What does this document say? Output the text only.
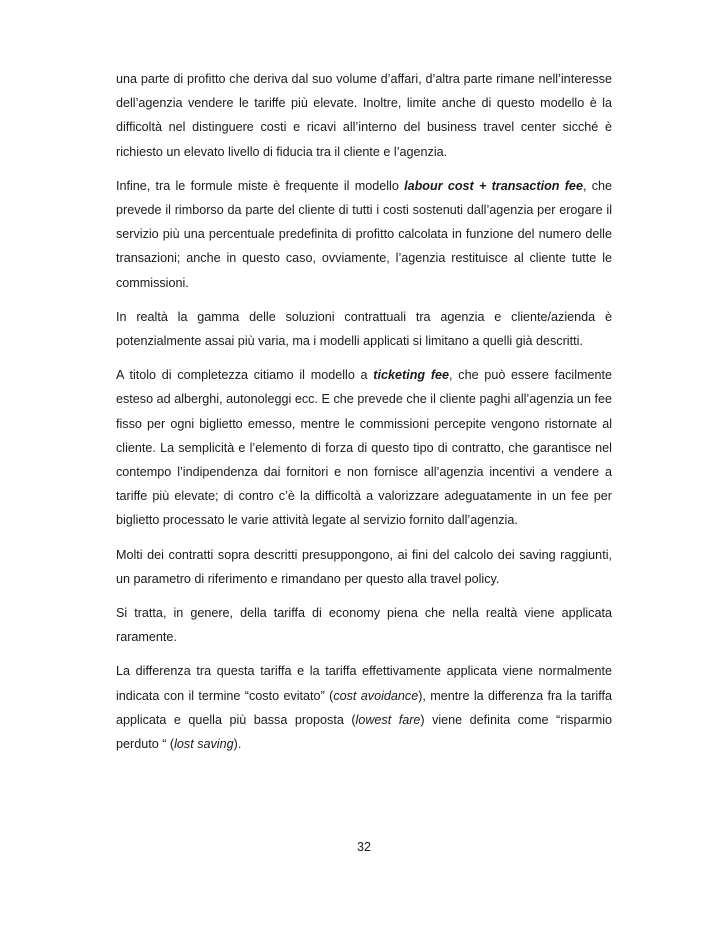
una parte di profitto che deriva dal suo volume d’affari, d’altra parte rimane nell’interesse dell’agenzia vendere le tariffe più elevate. Inoltre, limite anche di questo modello è la difficoltà nel distinguere costi e ricavi all’interno del business travel center sicché è richiesto un elevato livello di fiducia tra il cliente e l’agenzia.

Infine, tra le formule miste è frequente il modello labour cost + transaction fee, che prevede il rimborso da parte del cliente di tutti i costi sostenuti dall’agenzia per erogare il servizio più una percentuale predefinita di profitto calcolata in funzione del numero delle transazioni; anche in questo caso, ovviamente, l’agenzia restituisce al cliente tutte le commissioni.

In realtà la gamma delle soluzioni contrattuali tra agenzia e cliente/azienda è potenzialmente assai più varia, ma i modelli applicati si limitano a quelli già descritti.

A titolo di completezza citiamo il modello a ticketing fee, che può essere facilmente esteso ad alberghi, autonoleggi ecc. E che prevede che il cliente paghi all’agenzia un fee fisso per ogni biglietto emesso, mentre le commissioni percepite vengono ristornate al cliente. La semplicità e l’elemento di forza di questo tipo di contratto, che garantisce nel contempo l’indipendenza dai fornitori e non fornisce all’agenzia incentivi a vendere a tariffe più elevate; di contro c’è la difficoltà a valorizzare adeguatamente in un fee per biglietto processato le varie attività legate al servizio fornito dall’agenzia.

Molti dei contratti sopra descritti presuppongono, ai fini del calcolo dei saving raggiunti, un parametro di riferimento e rimandano per questo alla travel policy.

Si tratta, in genere, della tariffa di economy piena che nella realtà viene applicata raramente.

La differenza tra questa tariffa e la tariffa effettivamente applicata viene normalmente indicata con il termine “costo evitato” (cost avoidance), mentre la differenza fra la tariffa applicata e quella più bassa proposta (lowest fare) viene definita come “risparmio perduto “ (lost saving).

32
